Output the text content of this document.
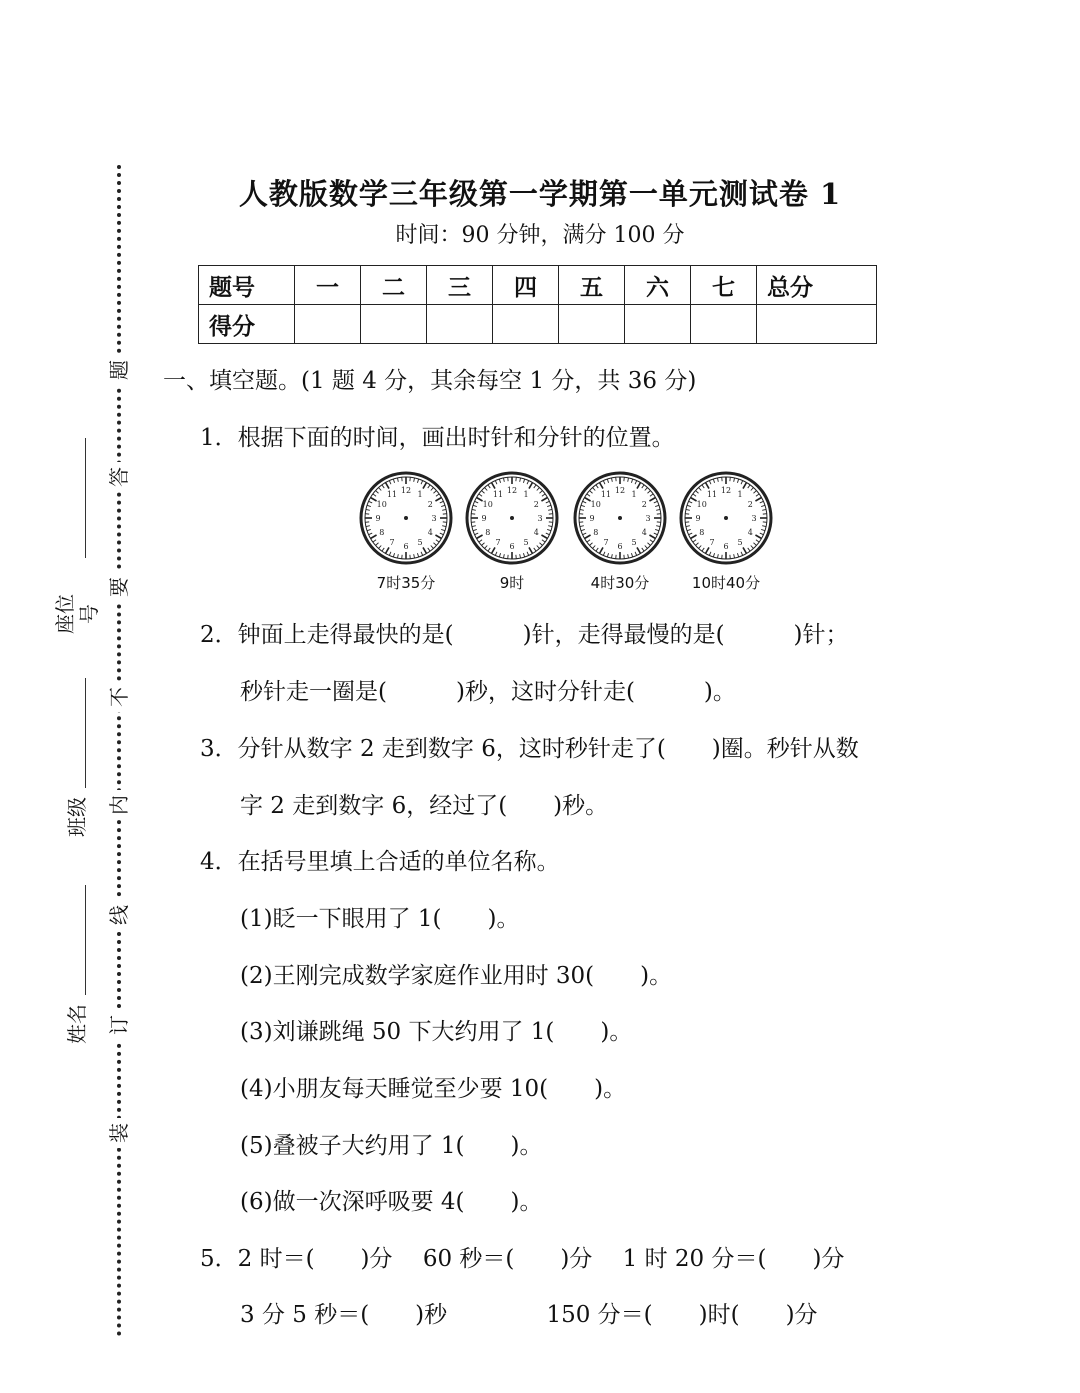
题
答
要
不
内
线
订
装
座位号
班级
姓名
人教版数学三年级第一学期第一单元测试卷 1
时间：90 分钟，满分 100 分
题号	一	二	三	四	五	六	七	总分
得分								
一、填空题。(1 题 4 分，其余每空 1 分，共 36 分)
1．根据下面的时间，画出时针和分针的位置。
12 1
2
3
4
5
6
7
8
9
10
11
7时35分
12 1
2
3
4
5
6
7
8
9
10
11
9时
12 1
2
3
4
5
6
7
8
9
10
11
4时30分
12 1
2
3
4
5
6
7
8
9
10
11
10时40分
2．钟面上走得最快的是(　　　)针，走得最慢的是(　　　)针；
秒针走一圈是(　　　)秒，这时分针走(　　　)。
3．分针从数字 2 走到数字 6，这时秒针走了(　　)圈。秒针从数
字 2 走到数字 6，经过了(　　)秒。
4．在括号里填上合适的单位名称。
(1)眨一下眼用了 1(　　)。
(2)王刚完成数学家庭作业用时 30(　　)。
(3)刘谦跳绳 50 下大约用了 1(　　)。
(4)小朋友每天睡觉至少要 10(　　)。
(5)叠被子大约用了 1(　　)。
(6)做一次深呼吸要 4(　　)。
5．2 时＝(　　)分　 60 秒＝(　　)分　 1 时 20 分＝(　　)分
3 分 5 秒＝(　　)秒　　　　 150 分＝(　　)时(　　)分
